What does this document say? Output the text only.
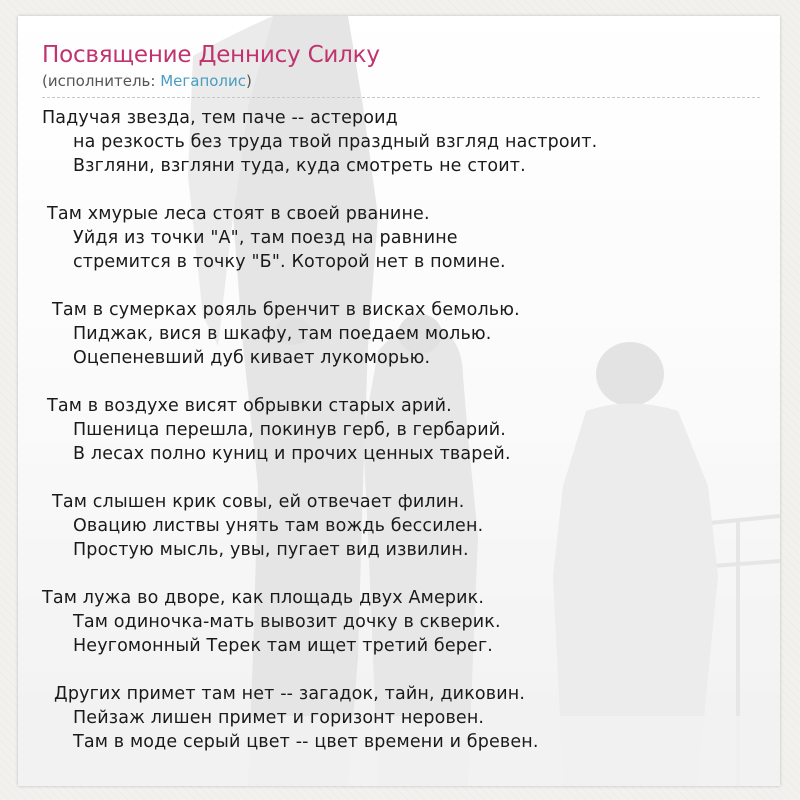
Посвящение Деннису Силку
(исполнитель: Мегаполис)
Падучая звезда, тем паче -- астероид
на резкость без труда твой праздный взгляд настроит.
Взгляни, взгляни туда, куда смотреть не стоит.
Там хмурые леса стоят в своей рванине.
Уйдя из точки "А", там поезд на равнине
стремится в точку "Б". Которой нет в помине.
Там в сумерках рояль бренчит в висках бемолью.
Пиджак, вися в шкафу, там поедаем молью.
Оцепеневший дуб кивает лукоморью.
Там в воздухе висят обрывки старых арий.
Пшеница перешла, покинув герб, в гербарий.
В лесах полно куниц и прочих ценных тварей.
Там слышен крик совы, ей отвечает филин.
Овацию листвы унять там вождь бессилен.
Простую мысль, увы, пугает вид извилин.
Там лужа во дворе, как площадь двух Америк.
Там одиночка-мать вывозит дочку в скверик.
Неугомонный Терек там ищет третий берег.
Других примет там нет -- загадок, тайн, диковин.
Пейзаж лишен примет и горизонт неровен.
Там в моде серый цвет -- цвет времени и бревен.
